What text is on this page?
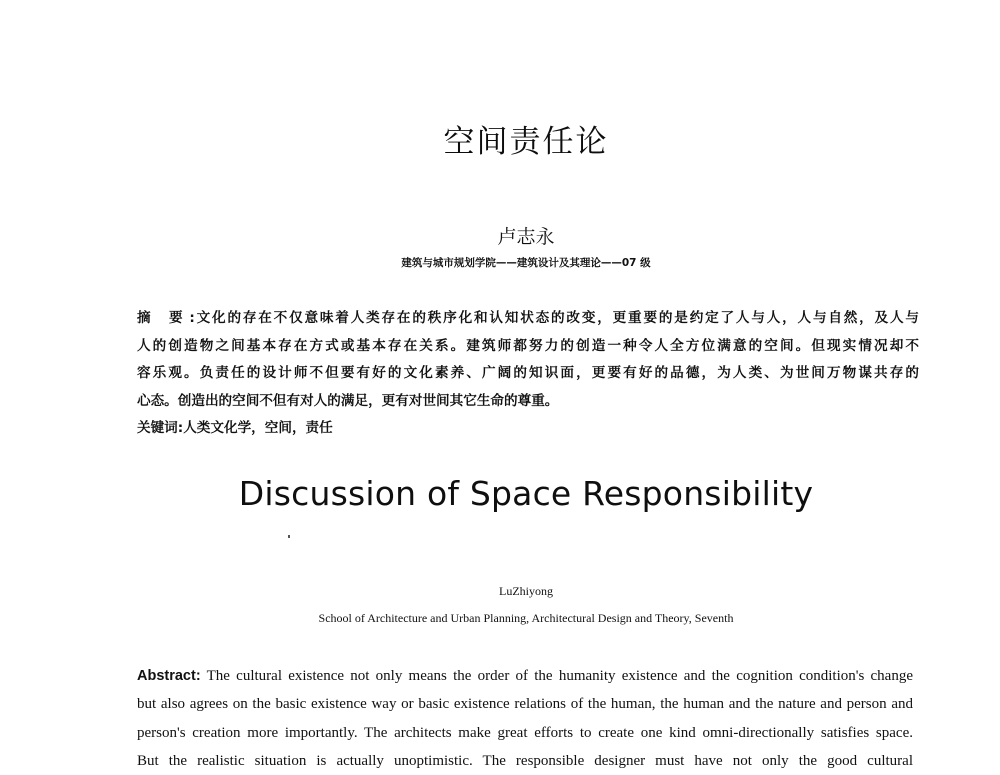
空间责任论
卢志永
建筑与城市规划学院——建筑设计及其理论——07 级
摘 要:文化的存在不仅意味着人类存在的秩序化和认知状态的改变，更重要的是约定了人与人，人与自然，及人与
人的创造物之间基本存在方式或基本存在关系。建筑师都努力的创造一种令人全方位满意的空间。但现实情况却不
容乐观。负责任的设计师不但要有好的文化素养、广阔的知识面，更要有好的品德，为人类、为世间万物谋共存的
心态。创造出的空间不但有对人的满足，更有对世间其它生命的尊重。
关键词:人类文化学，空间，责任
Discussion of Space Responsibility
LuZhiyong
School of Architecture and Urban Planning, Architectural Design and Theory, Seventh
Abstract: The cultural existence not only means the order of the humanity existence and the cognition condition's change
but also agrees on the basic existence way or basic existence relations of the human, the human and the nature and person and
person's creation more importantly. The architects make great efforts to create one kind omni-directionally satisfies space.
But the realistic situation is actually unoptimistic. The responsible designer must have not only the good cultural
